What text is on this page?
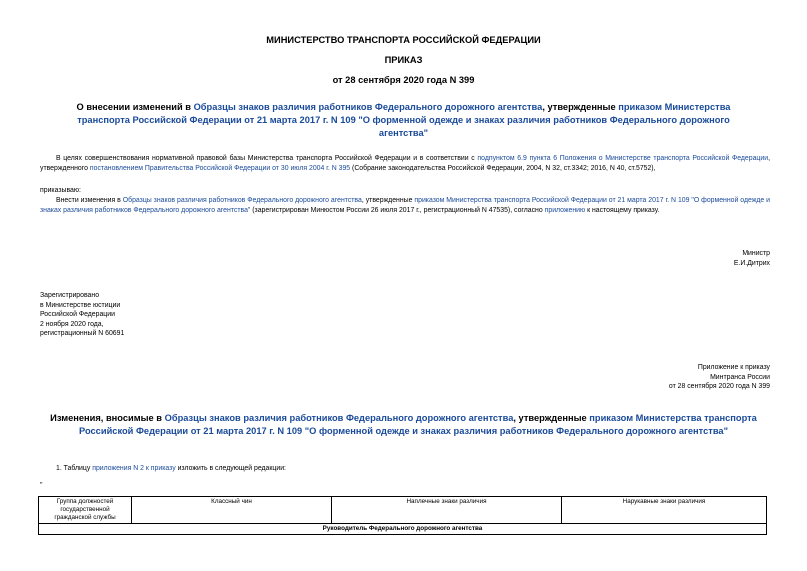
МИНИСТЕРСТВО ТРАНСПОРТА РОССИЙСКОЙ ФЕДЕРАЦИИ
ПРИКАЗ
от 28 сентября 2020 года N 399
О внесении изменений в Образцы знаков различия работников Федерального дорожного агентства, утвержденные приказом Министерства транспорта Российской Федерации от 21 марта 2017 г. N 109 "О форменной одежде и знаках различия работников Федерального дорожного агентства"
В целях совершенствования нормативной правовой базы Министерства транспорта Российской Федерации и в соответствии с подпунктом 6.9 пункта 6 Положения о Министерстве транспорта Российской Федерации, утвержденного постановлением Правительства Российской Федерации от 30 июля 2004 г. N 395 (Собрание законодательства Российской Федерации, 2004, N 32, ст.3342; 2016, N 40, ст.5752),
приказываю:
Внести изменения в Образцы знаков различия работников Федерального дорожного агентства, утвержденные приказом Министерства транспорта Российской Федерации от 21 марта 2017 г. N 109 "О форменной одежде и знаках различия работников Федерального дорожного агентства" (зарегистрирован Минюстом России 26 июля 2017 г., регистрационный N 47535), согласно приложению к настоящему приказу.
Министр
Е.И.Дитрих
Зарегистрировано
в Министерстве юстиции
Российской Федерации
2 ноября 2020 года,
регистрационный N 60691
Приложение к приказу
Минтранса России
от 28 сентября 2020 года N 399
Изменения, вносимые в Образцы знаков различия работников Федерального дорожного агентства, утвержденные приказом Министерства транспорта Российской Федерации от 21 марта 2017 г. N 109 "О форменной одежде и знаках различия работников Федерального дорожного агентства"
1. Таблицу приложения N 2 к приказу изложить в следующей редакции:
"
Группа должностей государственной гражданской службы	Классный чин	Наплечные знаки различия	Нарукавные знаки различия
Руководитель Федерального дорожного агентства
